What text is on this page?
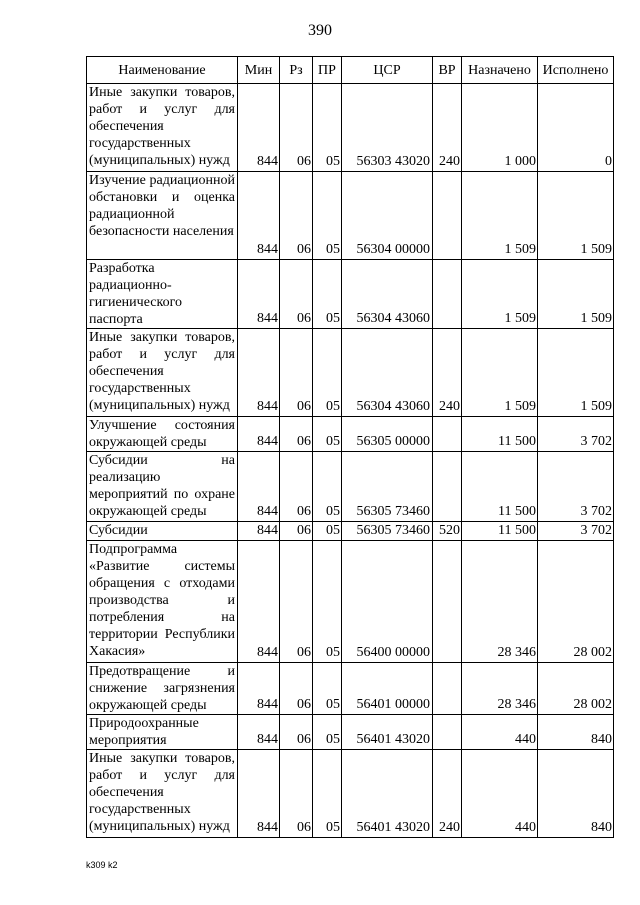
390
Наименование	Мин	Рз	ПР	ЦСР	ВР	Назначено	Исполнено
Иные закупки товаров, работ и услуг для обеспечения государственных (муниципальных) нужд	844	06	05	56303 43020	240	1 000	0
Изучение радиационной обстановки и оценка радиационной безопасности населения	844	06	05	56304 00000		1 509	1 509
Разработка радиационно-гигиенического паспорта	844	06	05	56304 43060		1 509	1 509
Иные закупки товаров, работ и услуг для обеспечения государственных (муниципальных) нужд	844	06	05	56304 43060	240	1 509	1 509
Улучшение состояния окружающей среды	844	06	05	56305 00000		11 500	3 702
Субсидии на реализацию мероприятий по охране окружающей среды	844	06	05	56305 73460		11 500	3 702
Субсидии	844	06	05	56305 73460	520	11 500	3 702
Подпрограмма «Развитие системы обращения с отходами производства и потребления на территории Республики Хакасия»	844	06	05	56400 00000		28 346	28 002
Предотвращение и снижение загрязнения окружающей среды	844	06	05	56401 00000		28 346	28 002
Природоохранные мероприятия	844	06	05	56401 43020		440	840
Иные закупки товаров, работ и услуг для обеспечения государственных (муниципальных) нужд	844	06	05	56401 43020	240	440	840
k309 k2
